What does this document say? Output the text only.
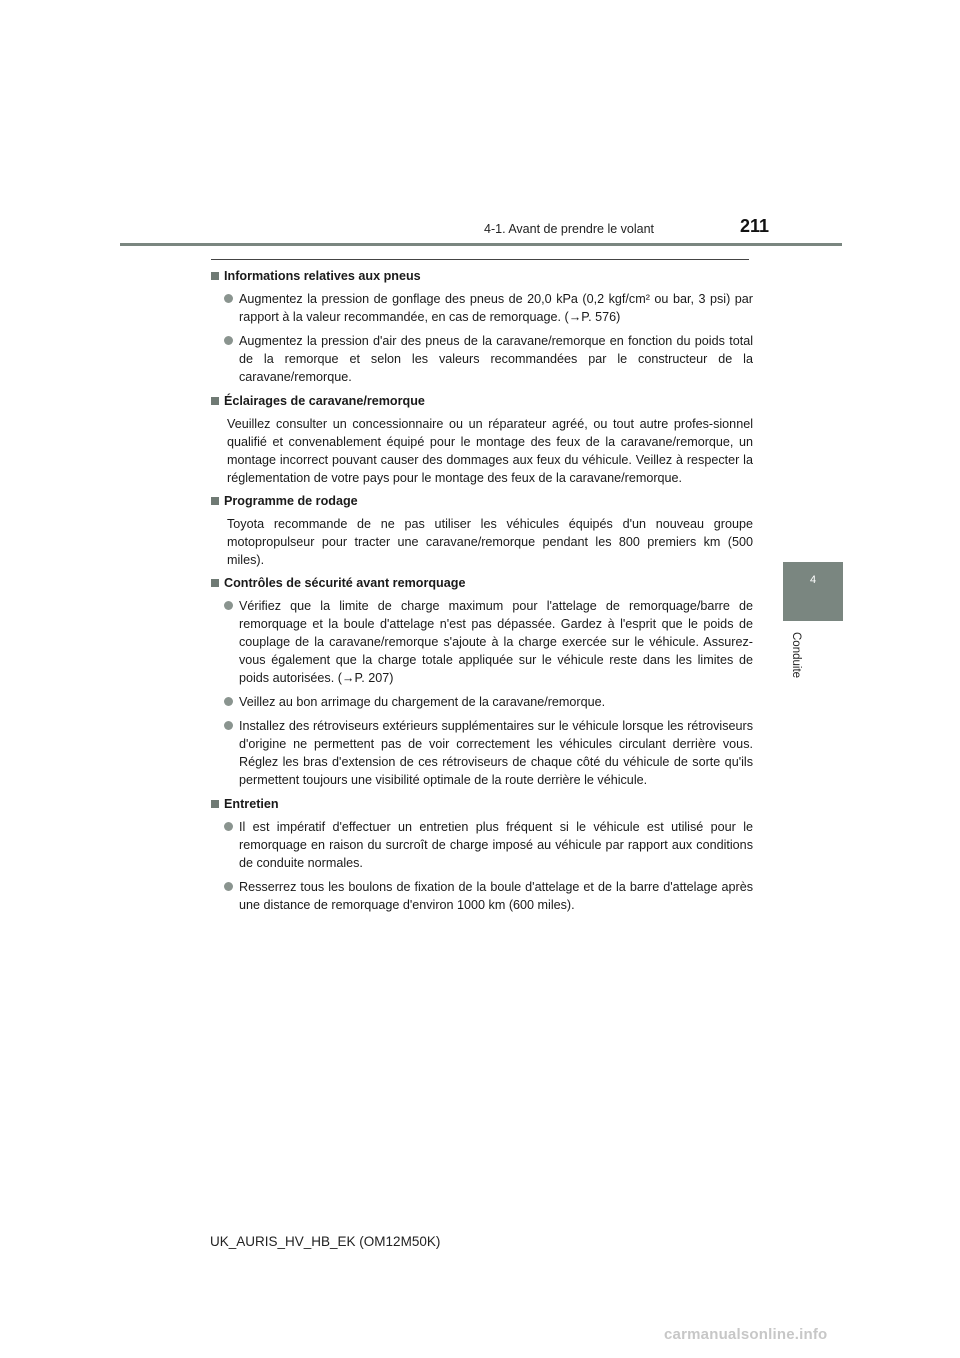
4-1. Avant de prendre le volant	211
4
Conduite
Informations relatives aux pneus
Augmentez la pression de gonflage des pneus de 20,0 kPa (0,2 kgf/cm² ou bar, 3 psi) par rapport à la valeur recommandée, en cas de remorquage. (→P. 576)
Augmentez la pression d'air des pneus de la caravane/remorque en fonction du poids total de la remorque et selon les valeurs recommandées par le constructeur de la caravane/remorque.
Éclairages de caravane/remorque
Veuillez consulter un concessionnaire ou un réparateur agréé, ou tout autre profes-sionnel qualifié et convenablement équipé pour le montage des feux de la caravane/remorque, un montage incorrect pouvant causer des dommages aux feux du véhicule. Veillez à respecter la réglementation de votre pays pour le montage des feux de la caravane/remorque.
Programme de rodage
Toyota recommande de ne pas utiliser les véhicules équipés d'un nouveau groupe motopropulseur pour tracter une caravane/remorque pendant les 800 premiers km (500 miles).
Contrôles de sécurité avant remorquage
Vérifiez que la limite de charge maximum pour l'attelage de remorquage/barre de remorquage et la boule d'attelage n'est pas dépassée. Gardez à l'esprit que le poids de couplage de la caravane/remorque s'ajoute à la charge exercée sur le véhicule. Assurez-vous également que la charge totale appliquée sur le véhicule reste dans les limites de poids autorisées. (→P. 207)
Veillez au bon arrimage du chargement de la caravane/remorque.
Installez des rétroviseurs extérieurs supplémentaires sur le véhicule lorsque les rétroviseurs d'origine ne permettent pas de voir correctement les véhicules circulant derrière vous. Réglez les bras d'extension de ces rétroviseurs de chaque côté du véhicule de sorte qu'ils permettent toujours une visibilité optimale de la route derrière le véhicule.
Entretien
Il est impératif d'effectuer un entretien plus fréquent si le véhicule est utilisé pour le remorquage en raison du surcroît de charge imposé au véhicule par rapport aux conditions de conduite normales.
Resserrez tous les boulons de fixation de la boule d'attelage et de la barre d'attelage après une distance de remorquage d'environ 1000 km (600 miles).
UK_AURIS_HV_HB_EK (OM12M50K)
carmanualsonline.info
